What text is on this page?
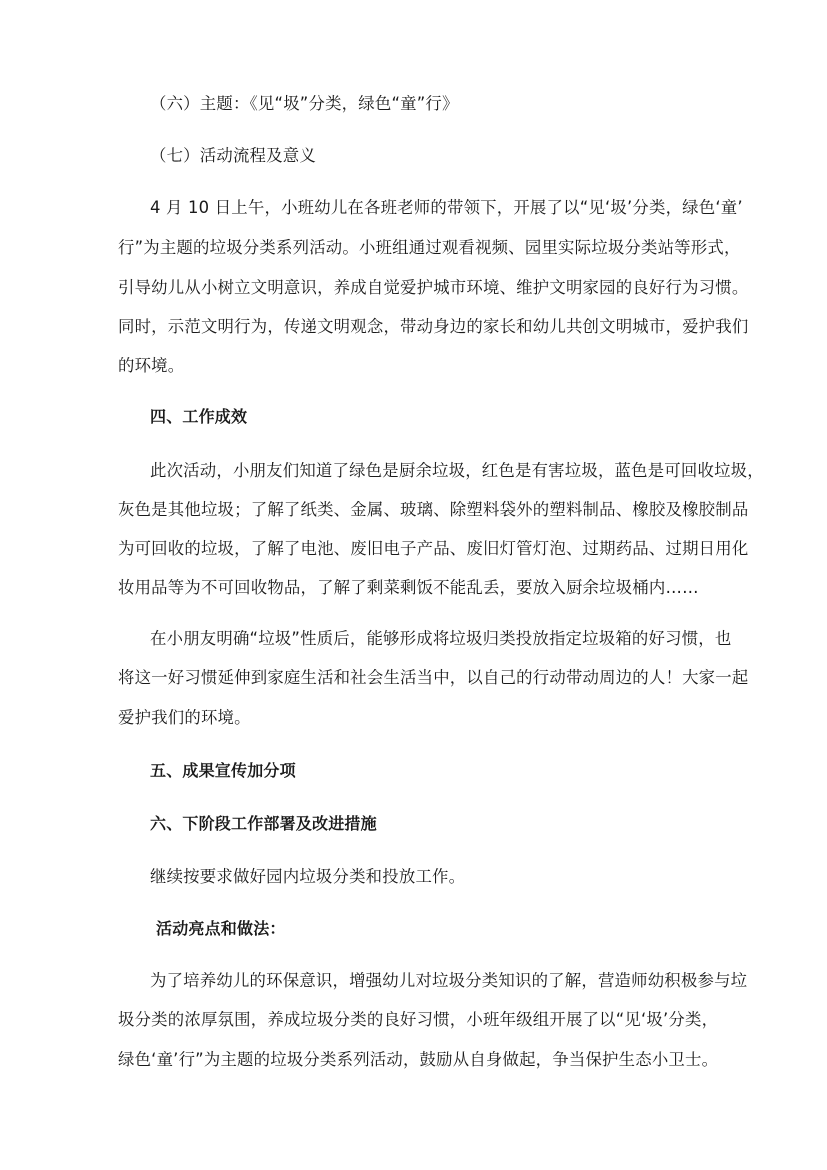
（六）主题：《见“圾”分类，绿色“童”行》
（七）活动流程及意义
4 月 10 日上午，小班幼儿在各班老师的带领下，开展了以“见‘圾’分类，绿色‘童’
行”为主题的垃圾分类系列活动。小班组通过观看视频、园里实际垃圾分类站等形式，
引导幼儿从小树立文明意识，养成自觉爱护城市环境、维护文明家园的良好行为习惯。
同时，示范文明行为，传递文明观念，带动身边的家长和幼儿共创文明城市，爱护我们
的环境。
四、工作成效
此次活动，小朋友们知道了绿色是厨余垃圾，红色是有害垃圾，蓝色是可回收垃圾，
灰色是其他垃圾；了解了纸类、金属、玻璃、除塑料袋外的塑料制品、橡胶及橡胶制品
为可回收的垃圾，了解了电池、废旧电子产品、废旧灯管灯泡、过期药品、过期日用化
妆用品等为不可回收物品，了解了剩菜剩饭不能乱丢，要放入厨余垃圾桶内……
在小朋友明确“垃圾”性质后，能够形成将垃圾归类投放指定垃圾箱的好习惯，也
将这一好习惯延伸到家庭生活和社会生活当中，以自己的行动带动周边的人！大家一起
爱护我们的环境。
五、成果宣传加分项
六、下阶段工作部署及改进措施
继续按要求做好园内垃圾分类和投放工作。
活动亮点和做法：
为了培养幼儿的环保意识，增强幼儿对垃圾分类知识的了解，营造师幼积极参与垃
圾分类的浓厚氛围，养成垃圾分类的良好习惯，小班年级组开展了以“见‘圾’分类，
绿色‘童’行”为主题的垃圾分类系列活动，鼓励从自身做起，争当保护生态小卫士。
